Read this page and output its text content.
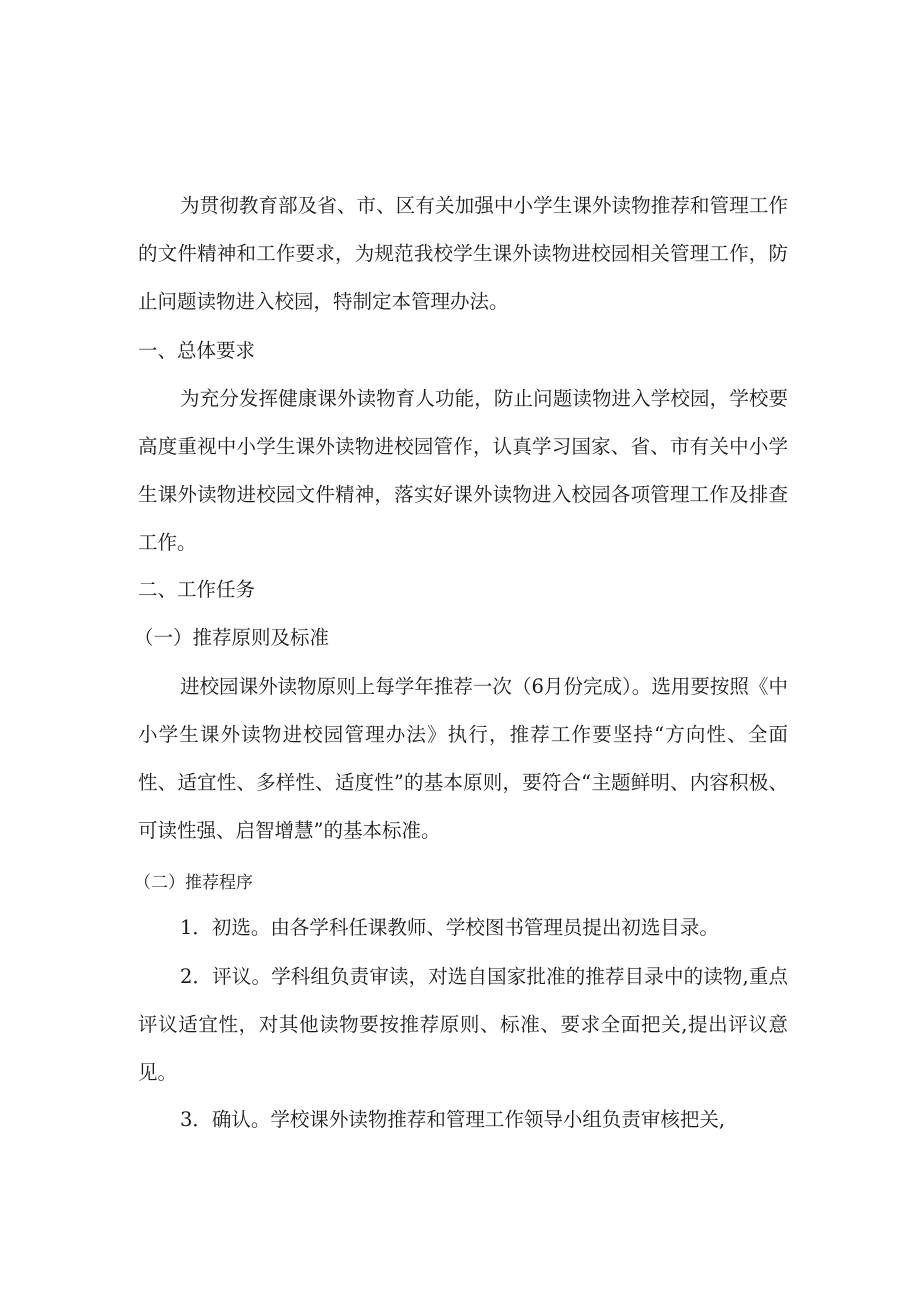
为贯彻教育部及省、市、区有关加强中小学生课外读物推荐和管理工作的文件精神和工作要求，为规范我校学生课外读物进校园相关管理工作，防止问题读物进入校园，特制定本管理办法。

一、总体要求

为充分发挥健康课外读物育人功能，防止问题读物进入学校园，学校要高度重视中小学生课外读物进校园管作，认真学习国家、省、市有关中小学生课外读物进校园文件精神，落实好课外读物进入校园各项管理工作及排查工作。

二、工作任务

（一）推荐原则及标准

进校园课外读物原则上每学年推荐一次（6月份完成）。选用要按照《中小学生课外读物进校园管理办法》执行，推荐工作要坚持“方向性、全面性、适宜性、多样性、适度性”的基本原则，要符合“主题鲜明、内容积极、可读性强、启智增慧”的基本标准。

（二）推荐程序

1．初选。由各学科任课教师、学校图书管理员提出初选目录。

2．评议。学科组负责审读，对选自国家批准的推荐目录中的读物,重点评议适宜性，对其他读物要按推荐原则、标准、要求全面把关,提出评议意见。

3．确认。学校课外读物推荐和管理工作领导小组负责审核把关,
